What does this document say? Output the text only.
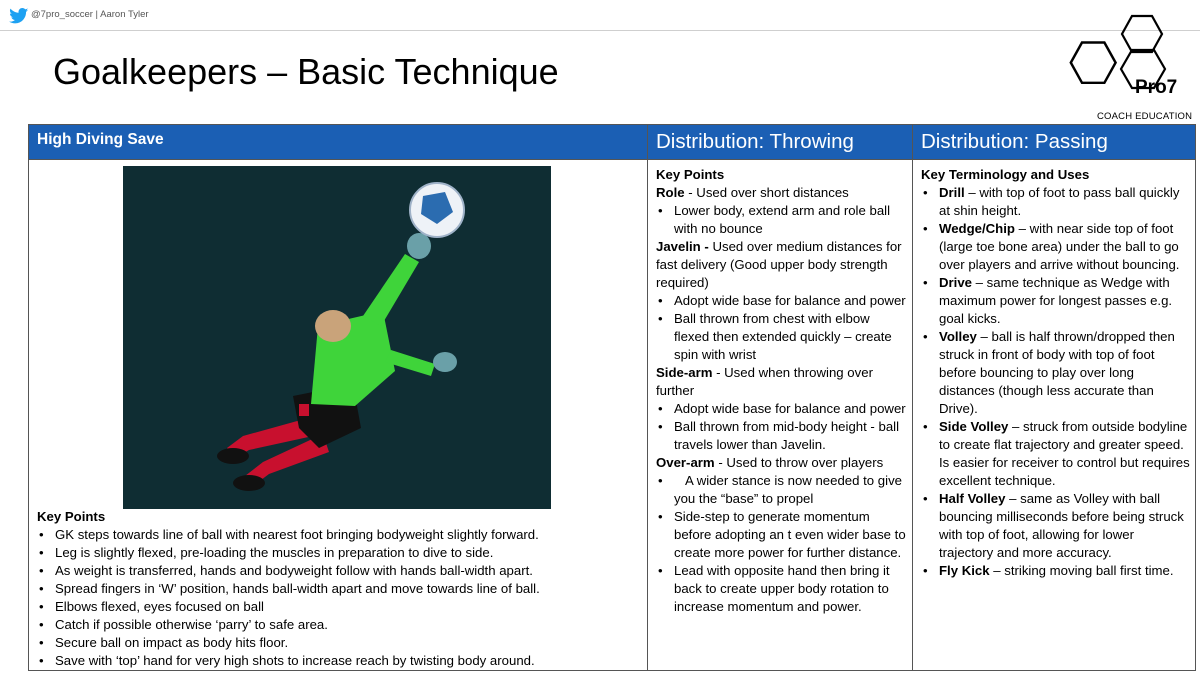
@7pro_soccer | Aaron Tyler
Goalkeepers – Basic Technique	Pro7
COACH EDUCATION
High Diving Save
Key Points
• GK steps towards line of ball with nearest foot bringing bodyweight slightly forward.
• Leg is slightly flexed, pre-loading the muscles in preparation to dive to side.
• As weight is transferred, hands and bodyweight follow with hands ball-width apart.
• Spread fingers in ‘W’ position, hands ball-width apart and move towards line of ball.
• Elbows flexed, eyes focused on ball
• Catch if possible otherwise ‘parry’ to safe area.
• Secure ball on impact as body hits floor.
• Save with ‘top’ hand for very high shots to increase reach by twisting body around.
Distribution: Throwing
Key Points
Role - Used over short distances
• Lower body, extend arm and role ball with no bounce
Javelin - Used over medium distances for fast delivery (Good upper body strength required)
• Adopt wide base for balance and power
• Ball thrown from chest with elbow flexed then extended quickly – create spin with wrist
Side-arm - Used when throwing over further
• Adopt wide base for balance and power
• Ball thrown from mid-body height - ball travels lower than Javelin.
Over-arm - Used to throw over players
•    A wider stance is now needed to give you the “base” to propel
• Side-step to generate momentum before adopting an t even wider base to create more power for further distance.
• Lead with opposite hand then bring it back to create upper body rotation to increase momentum and power.
Distribution: Passing
Key Terminology and Uses
• Drill – with top of foot to pass ball quickly at shin height.
• Wedge/Chip – with near side top of foot (large toe bone area) under the ball to go over players and arrive without bouncing.
• Drive – same technique as Wedge with maximum power for longest passes e.g. goal kicks.
• Volley – ball is half thrown/dropped then struck in front of body with top of foot before bouncing to play over long distances (though less accurate than Drive).
• Side Volley – struck from outside bodyline to create flat trajectory and greater speed. Is easier for receiver to control but requires excellent technique.
• Half Volley – same as Volley with ball bouncing milliseconds before being struck with top of foot, allowing for lower trajectory and more accuracy.
• Fly Kick – striking moving ball first time.
